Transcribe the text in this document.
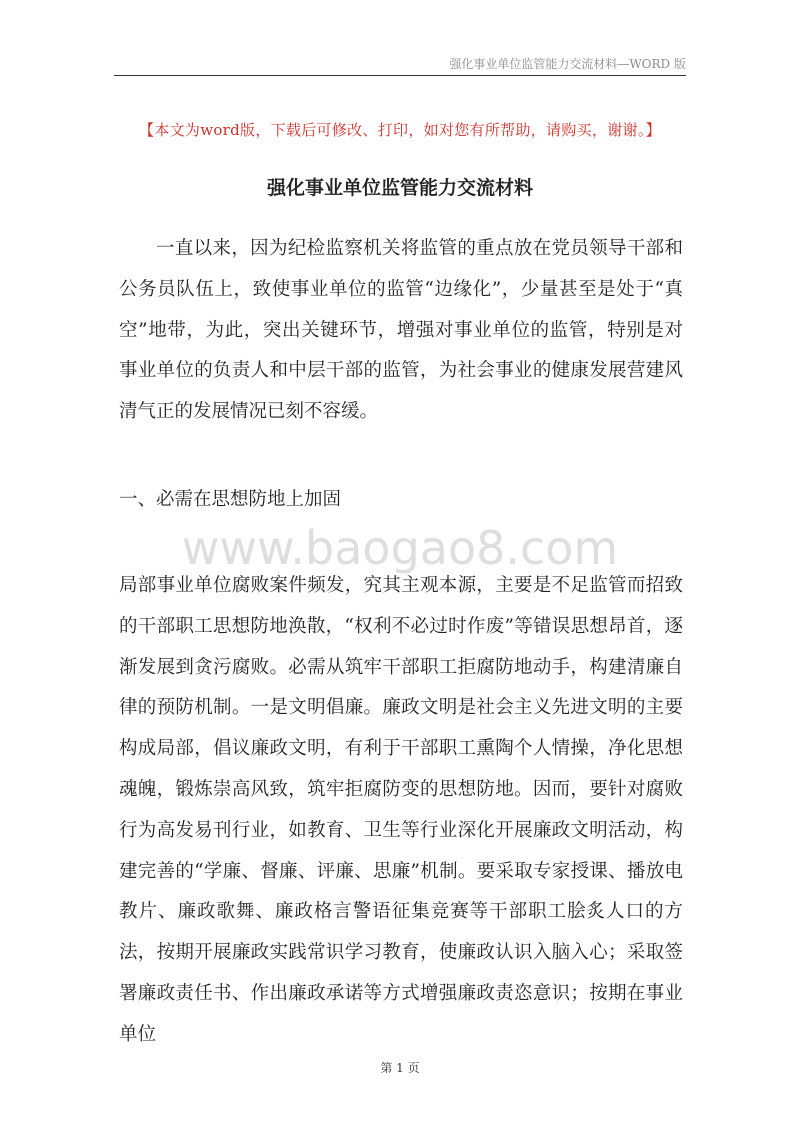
强化事业单位监管能力交流材料—WORD 版
【本文为word版，下载后可修改、打印，如对您有所帮助，请购买，谢谢。】
强化事业单位监管能力交流材料

一直以来，因为纪检监察机关将监管的重点放在党员领导干部和公务员队伍上，致使事业单位的监管“边缘化”，少量甚至是处于“真空”地带，为此，突出关键环节，增强对事业单位的监管，特别是对事业单位的负责人和中层干部的监管，为社会事业的健康发展营建风清气正的发展情况已刻不容缓。

一、必需在思想防地上加固
www.baogao8.com

局部事业单位腐败案件频发，究其主观本源，主要是不足监管而招致的干部职工思想防地涣散，“权利不必过时作废”等错误思想昂首，逐渐发展到贪污腐败。必需从筑牢干部职工拒腐防地动手，构建清廉自律的预防机制。一是文明倡廉。廉政文明是社会主义先进文明的主要构成局部，倡议廉政文明，有利于干部职工熏陶个人情操，净化思想魂魄，锻炼崇高风致，筑牢拒腐防变的思想防地。因而，要针对腐败行为高发易刊行业，如教育、卫生等行业深化开展廉政文明活动，构建完善的“学廉、督廉、评廉、思廉”机制。要采取专家授课、播放电教片、廉政歌舞、廉政格言警语征集竞赛等干部职工脍炙人口的方法，按期开展廉政实践常识学习教育，使廉政认识入脑入心；采取签署廉政责任书、作出廉政承诺等方式增强廉政责恣意识；按期在事业单位

第 1 页
